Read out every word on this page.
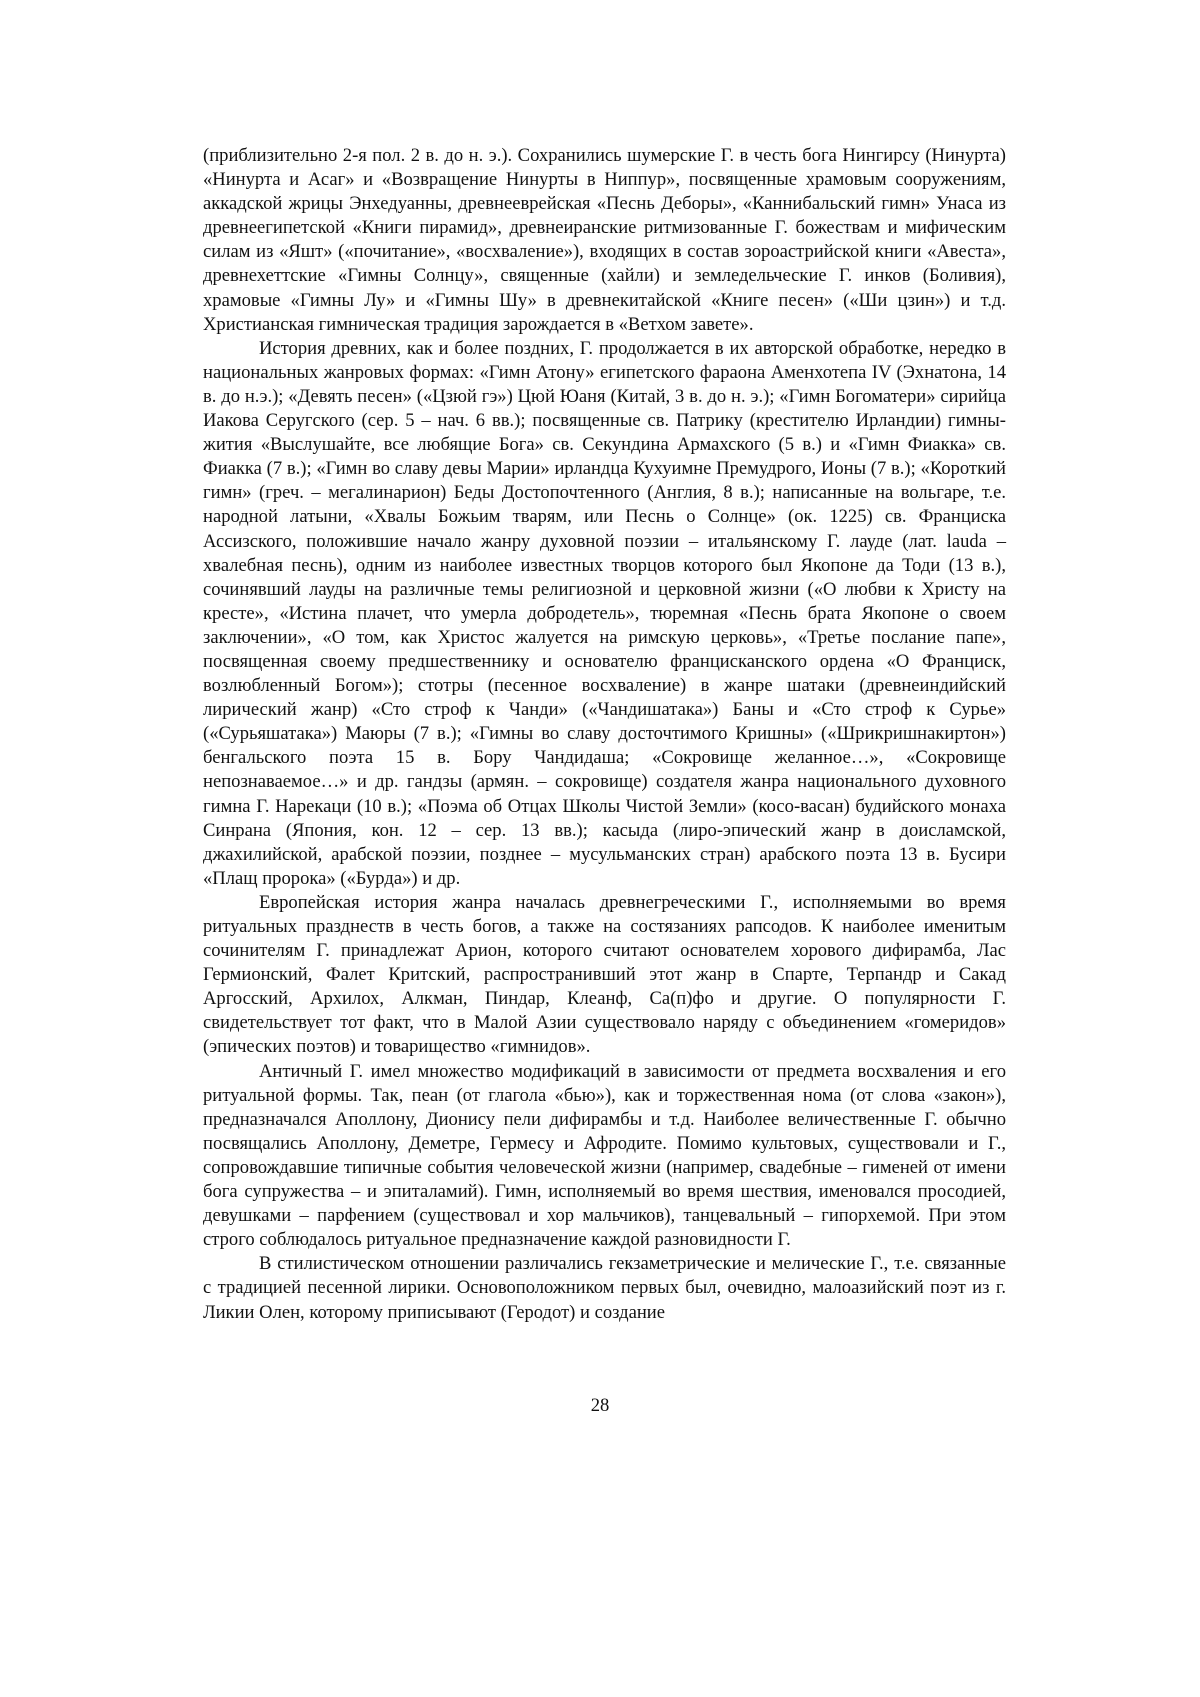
(приблизительно 2-я пол. 2 в. до н. э.). Сохранились шумерские Г. в честь бога Нингирсу (Нинурта) «Нинурта и Асаг» и «Возвращение Нинурты в Ниппур», посвященные храмовым сооружениям, аккадской жрицы Энхедуанны, древнееврейская «Песнь Деборы», «Каннибальский гимн» Унаса из древнеегипетской «Книги пирамид», древнеиранские ритмизованные Г. божествам и мифическим силам из «Яшт» («почитание», «восхваление»), входящих в состав зороастрийской книги «Авеста», древнехеттские «Гимны Солнцу», священные (хайли) и земледельческие Г. инков (Боливия), храмовые «Гимны Лу» и «Гимны Шу» в древнекитайской «Книге песен» («Ши цзин») и т.д. Христианская гимническая традиция зарождается в «Ветхом завете».

История древних, как и более поздних, Г. продолжается в их авторской обработке, нередко в национальных жанровых формах: «Гимн Атону» египетского фараона Аменхотепа IV (Эхнатона, 14 в. до н.э.); «Девять песен» («Цзюй гэ») Цюй Юаня (Китай, 3 в. до н. э.); «Гимн Богоматери» сирийца Иакова Серугского (сер. 5 – нач. 6 вв.); посвященные св. Патрику (крестителю Ирландии) гимны-жития «Выслушайте, все любящие Бога» св. Секундина Армахского (5 в.) и «Гимн Фиакка» св. Фиакка (7 в.); «Гимн во славу девы Марии» ирландца Кухуимне Премудрого, Ионы (7 в.); «Короткий гимн» (греч. – мегалинарион) Беды Достопочтенного (Англия, 8 в.); написанные на вольгаре, т.е. народной латыни, «Хвалы Божьим тварям, или Песнь о Солнце» (ок. 1225) св. Франциска Ассизского, положившие начало жанру духовной поэзии – итальянскому Г. лауде (лат. lauda – хвалебная песнь), одним из наиболее известных творцов которого был Якопоне да Тоди (13 в.), сочинявший лауды на различные темы религиозной и церковной жизни («О любви к Христу на кресте», «Истина плачет, что умерла добродетель», тюремная «Песнь брата Якопоне о своем заключении», «О том, как Христос жалуется на римскую церковь», «Третье послание папе», посвященная своему предшественнику и основателю францисканского ордена «О Франциск, возлюбленный Богом»); стотры (песенное восхваление) в жанре шатаки (древнеиндийский лирический жанр) «Сто строф к Чанди» («Чандишатака») Баны и «Сто строф к Сурье» («Сурьяшатака») Маюры (7 в.); «Гимны во славу досточтимого Кришны» («Шрикришнакиртон») бенгальского поэта 15 в. Бору Чандидаша; «Сокровище желанное…», «Сокровище непознаваемое…» и др. гандзы (армян. – сокровище) создателя жанра национального духовного гимна Г. Нарекаци (10 в.); «Поэма об Отцах Школы Чистой Земли» (косо-васан) будийского монаха Синрана (Япония, кон. 12 – сер. 13 вв.); касыда (лиро-эпический жанр в доисламской, джахилийской, арабской поэзии, позднее – мусульманских стран) арабского поэта 13 в. Бусири «Плащ пророка» («Бурда») и др.

Европейская история жанра началась древнегреческими Г., исполняемыми во время ритуальных празднеств в честь богов, а также на состязаниях рапсодов. К наиболее именитым сочинителям Г. принадлежат Арион, которого считают основателем хорового дифирамба, Лас Гермионский, Фалет Критский, распространивший этот жанр в Спарте, Терпандр и Сакад Аргосский, Архилох, Алкман, Пиндар, Клеанф, Са(п)фо и другие. О популярности Г. свидетельствует тот факт, что в Малой Азии существовало наряду с объединением «гомеридов» (эпических поэтов) и товарищество «гимнидов».

Античный Г. имел множество модификаций в зависимости от предмета восхваления и его ритуальной формы. Так, пеан (от глагола «бью»), как и торжественная нома (от слова «закон»), предназначался Аполлону, Дионису пели дифирамбы и т.д. Наиболее величественные Г. обычно посвящались Аполлону, Деметре, Гермесу и Афродите. Помимо культовых, существовали и Г., сопровождавшие типичные события человеческой жизни (например, свадебные – гименей от имени бога супружества – и эпиталамий). Гимн, исполняемый во время шествия, именовался просодией, девушками – парфением (существовал и хор мальчиков), танцевальный – гипорхемой. При этом строго соблюдалось ритуальное предназначение каждой разновидности Г.

В стилистическом отношении различались гекзаметрические и мелические Г., т.е. связанные с традицией песенной лирики. Основоположником первых был, очевидно, малоазийский поэт из г. Ликии Олен, которому приписывают (Геродот) и создание

28
